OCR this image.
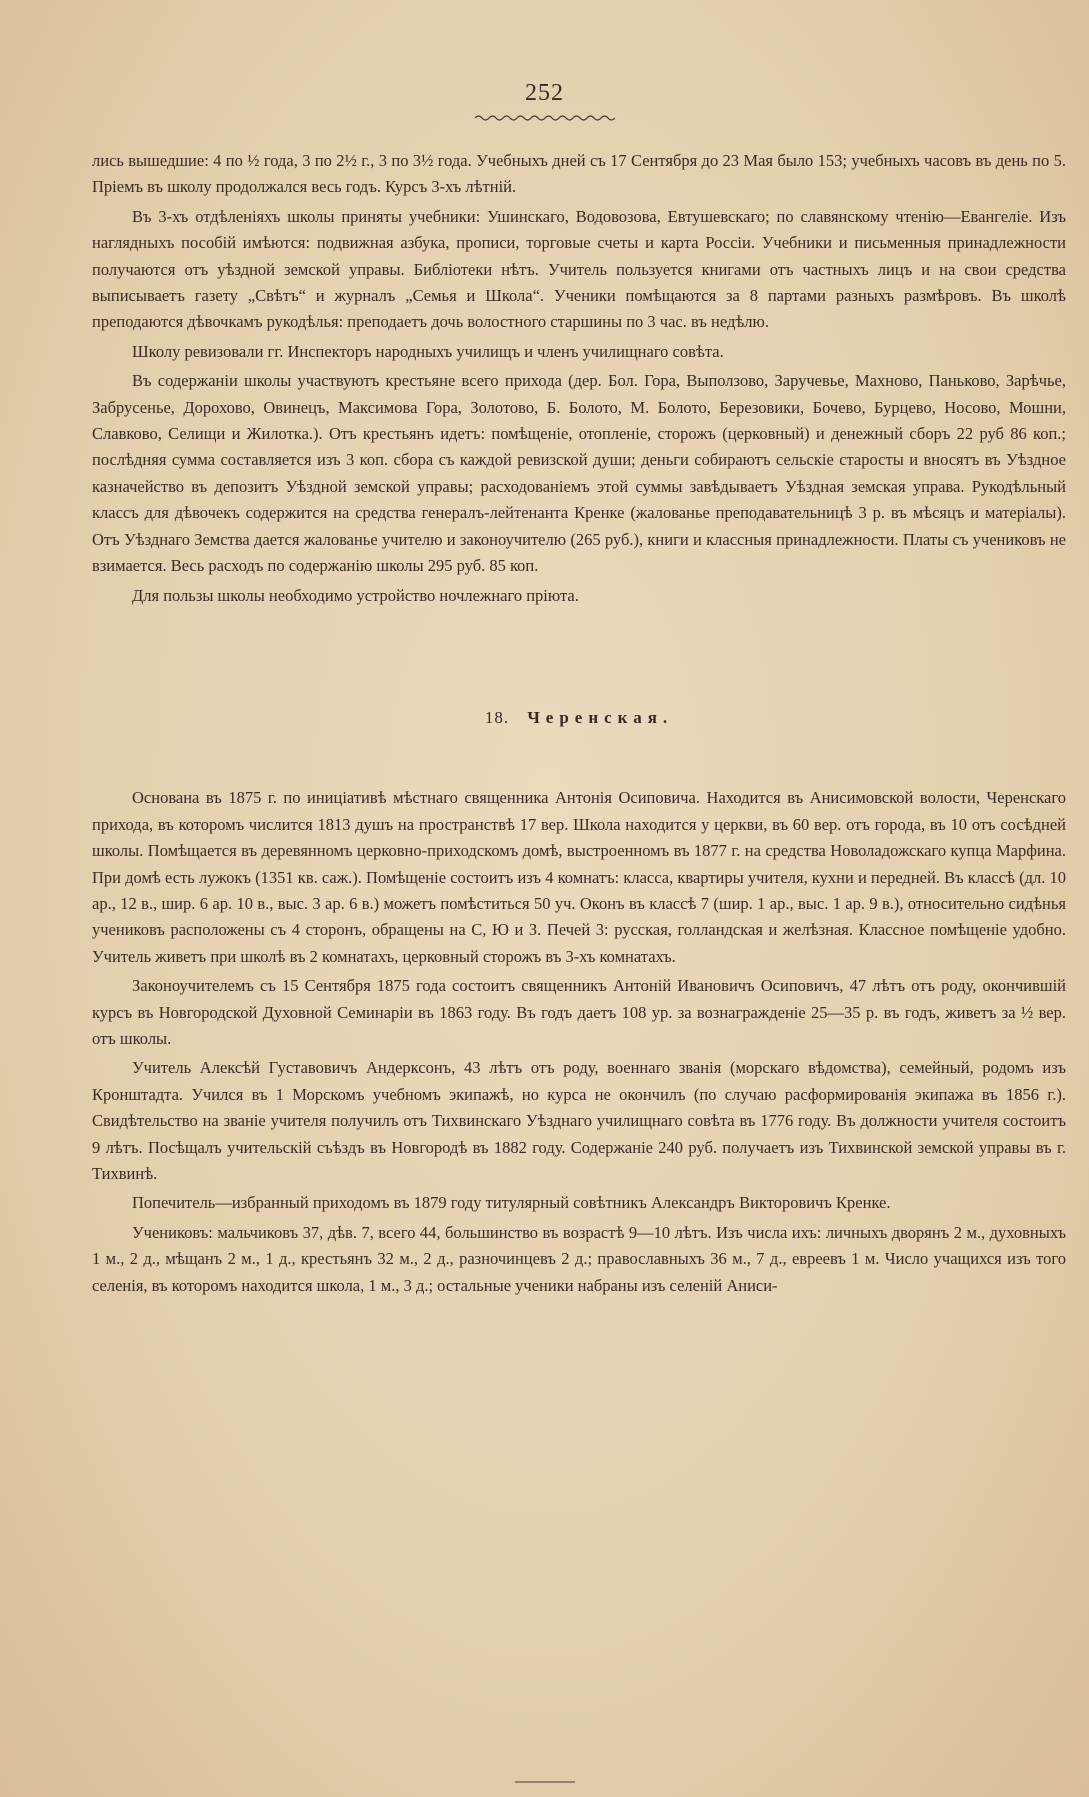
252

лись вышедшие: 4 по ½ года, 3 по 2½ г., 3 по 3½ года. Учебныхъ дней съ 17 Сентября до 23 Мая было 153; учебныхъ часовъ въ день по 5. Пріемъ въ школу продолжался весь годъ. Курсъ 3-хъ лѣтній.

Въ 3-хъ отдѣленіяхъ школы приняты учебники: Ушинскаго, Водовозова, Евтушевскаго; по славянскому чтенію—Евангеліе. Изъ наглядныхъ пособій имѣются: подвижная азбука, прописи, торговые счеты и карта Россіи. Учебники и письменныя принадлежности получаются отъ уѣздной земской управы. Библіотеки нѣтъ. Учитель пользуется книгами отъ частныхъ лицъ и на свои средства выписываетъ газету „Свѣтъ“ и журналъ „Семья и Школа“. Ученики помѣщаются за 8 партами разныхъ размѣровъ. Въ школѣ преподаются дѣвочкамъ рукодѣлья: преподаетъ дочь волостного старшины по 3 час. въ недѣлю.

Школу ревизовали гг. Инспекторъ народныхъ училищъ и членъ училищнаго совѣта.

Въ содержаніи школы участвуютъ крестьяне всего прихода (дер. Бол. Гора, Выползово, Заручевье, Махново, Паньково, Зарѣчье, Забрусенье, Дорохово, Овинецъ, Максимова Гора, Золотово, Б. Болото, М. Болото, Березовики, Бочево, Бурцево, Носово, Мошни, Славково, Селищи и Жилотка.). Отъ крестьянъ идетъ: помѣщеніе, отопленіе, сторожъ (церковный) и денежный сборъ 22 руб 86 коп.; послѣдняя сумма составляется изъ 3 коп. сбора съ каждой ревизской души; деньги собираютъ сельскіе старосты и вносятъ въ Уѣздное казначейство въ депозитъ Уѣздной земской управы; расходованіемъ этой суммы завѣдываетъ Уѣздная земская управа. Рукодѣльный классъ для дѣвочекъ содержится на средства генералъ-лейтенанта Кренке (жалованье преподавательницѣ 3 р. въ мѣсяцъ и матеріалы). Отъ Уѣзднаго Земства дается жалованье учителю и законоучителю (265 руб.), книги и классныя принадлежности. Платы съ учениковъ не взимается. Весь расходъ по содержанію школы 295 руб. 85 коп.

Для пользы школы необходимо устройство ночлежнаго пріюта.

18. Черенская.

Основана въ 1875 г. по иниціативѣ мѣстнаго священника Антонія Осиповича. Находится въ Анисимовской волости, Черенскаго прихода, въ которомъ числится 1813 душъ на пространствѣ 17 вер. Школа находится у церкви, въ 60 вер. отъ города, въ 10 отъ сосѣдней школы. Помѣщается въ деревянномъ церковно-приходскомъ домѣ, выстроенномъ въ 1877 г. на средства Новоладожскаго купца Марфина. При домѣ есть лужокъ (1351 кв. саж.). Помѣщеніе состоитъ изъ 4 комнатъ: класса, квартиры учителя, кухни и передней. Въ классѣ (дл. 10 ар., 12 в., шир. 6 ар. 10 в., выс. 3 ар. 6 в.) можетъ помѣститься 50 уч. Оконъ въ классѣ 7 (шир. 1 ар., выс. 1 ар. 9 в.), относительно сидѣнья учениковъ расположены съ 4 сторонъ, обращены на С, Ю и З. Печей 3: русская, голландская и желѣзная. Классное помѣщеніе удобно. Учитель живетъ при школѣ въ 2 комнатахъ, церковный сторожъ въ 3-хъ комнатахъ.

Законоучителемъ съ 15 Сентября 1875 года состоитъ священникъ Антоній Ивановичъ Осиповичъ, 47 лѣтъ отъ роду, окончившій курсъ въ Новгородской Духовной Семинаріи въ 1863 году. Въ годъ даетъ 108 ур. за вознагражденіе 25—35 р. въ годъ, живетъ за ½ вер. отъ школы.

Учитель Алексѣй Густавовичъ Андерксонъ, 43 лѣтъ отъ роду, военнаго званія (морскаго вѣдомства), семейный, родомъ изъ Кронштадта. Учился въ 1 Морскомъ учебномъ экипажѣ, но курса не окончилъ (по случаю расформированія экипажа въ 1856 г.). Свидѣтельство на званіе учителя получилъ отъ Тихвинскаго Уѣзднаго училищнаго совѣта въ 1776 году. Въ должности учителя состоитъ 9 лѣтъ. Посѣщалъ учительскій съѣздъ въ Новгородѣ въ 1882 году. Содержаніе 240 руб. получаетъ изъ Тихвинской земской управы въ г. Тихвинѣ.

Попечитель—избранный приходомъ въ 1879 году титулярный совѣтникъ Александръ Викторовичъ Кренке.

Учениковъ: мальчиковъ 37, дѣв. 7, всего 44, большинство въ возрастѣ 9—10 лѣтъ. Изъ числа ихъ: личныхъ дворянъ 2 м., духовныхъ 1 м., 2 д., мѣщанъ 2 м., 1 д., крестьянъ 32 м., 2 д., разночинцевъ 2 д.; православныхъ 36 м., 7 д., евреевъ 1 м. Число учащихся изъ того селенія, въ которомъ находится школа, 1 м., 3 д.; остальные ученики набраны изъ селеній Аниси-
